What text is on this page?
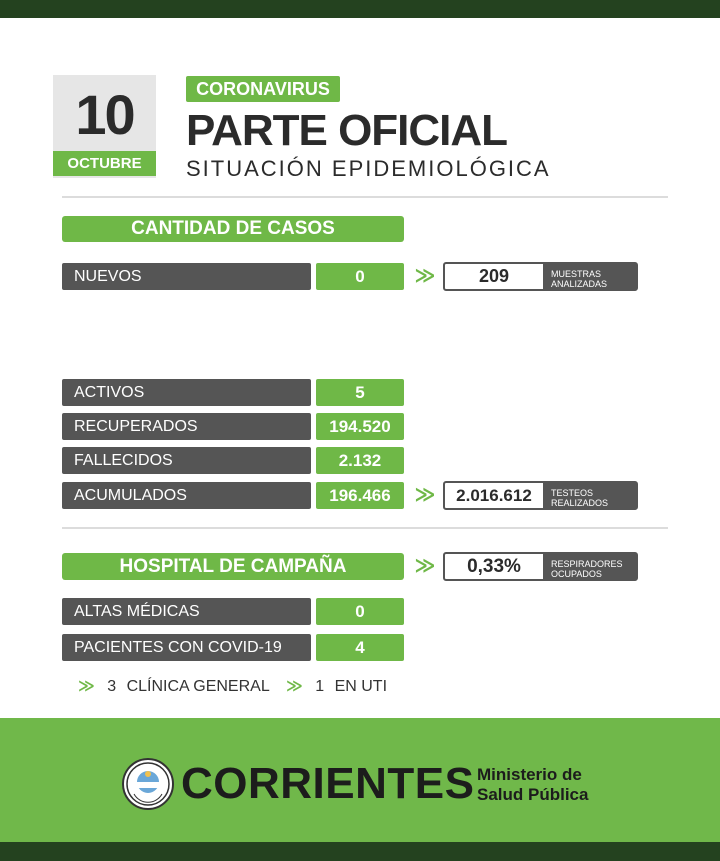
10
OCTUBRE
CORONAVIRUS
PARTE OFICIAL
SITUACIÓN EPIDEMIOLÓGICA
CANTIDAD DE CASOS
NUEVOS	0	≫	209	MUESTRAS
ANALIZADAS
ACTIVOS	5
RECUPERADOS	194.520
FALLECIDOS	2.132
ACUMULADOS	196.466	≫	2.016.612	TESTEOS
REALIZADOS
HOSPITAL DE CAMPAÑA	≫	0,33%	RESPIRADORES
OCUPADOS
ALTAS MÉDICAS	0
PACIENTES CON COVID-19	4
≫ 3 CLÍNICA GENERAL ≫ 1 EN UTI
CORRIENTES Ministerio de
Salud Pública
